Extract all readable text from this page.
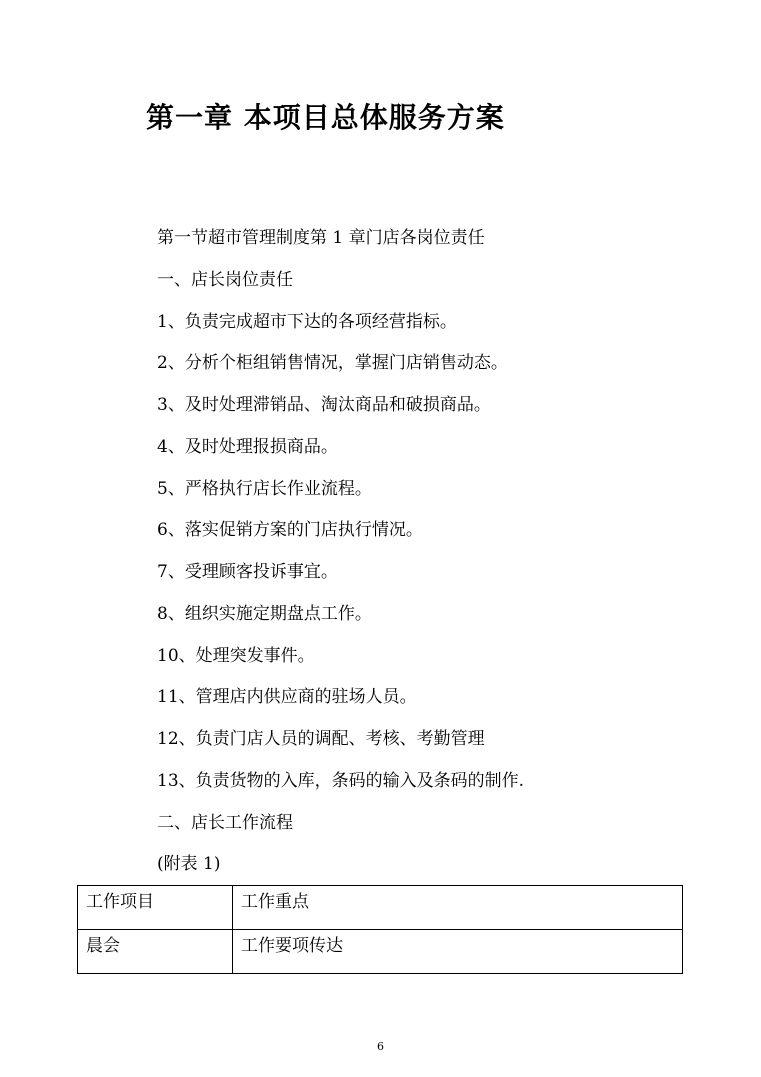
第一章 本项目总体服务方案
第一节超市管理制度第 1 章门店各岗位责任
一、店长岗位责任
1、负责完成超市下达的各项经营指标。
2、分析个柜组销售情况，掌握门店销售动态。
3、及时处理滞销品、淘汰商品和破损商品。
4、及时处理报损商品。
5、严格执行店长作业流程。
6、落实促销方案的门店执行情况。
7、受理顾客投诉事宜。
8、组织实施定期盘点工作。
10、处理突发事件。
11、管理店内供应商的驻场人员。
12、负责门店人员的调配、考核、考勤管理
13、负责货物的入库，条码的输入及条码的制作.
二、店长工作流程
(附表 1)
工作项目	工作重点
晨会	工作要项传达
6
